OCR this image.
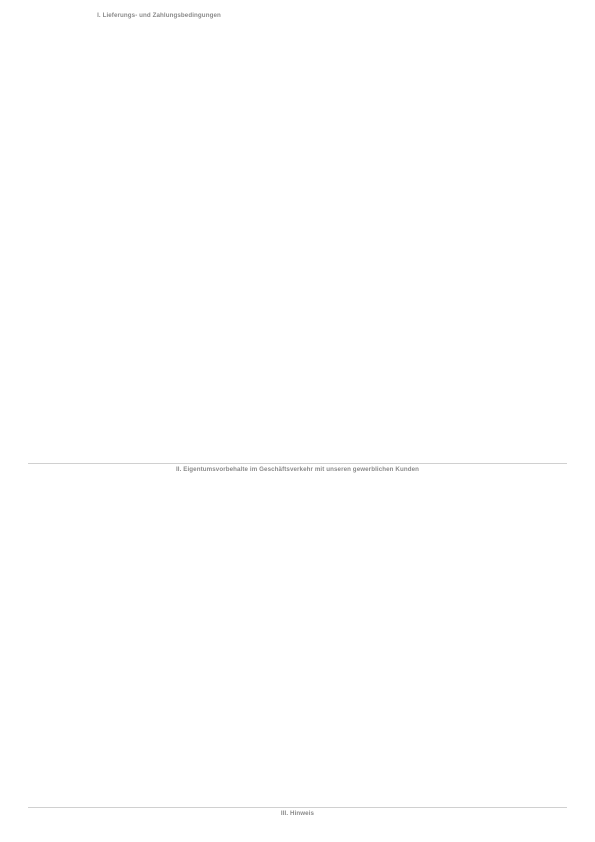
I. Lieferungs- und Zahlungsbedingungen

II. Eigentumsvorbehalte im Geschäftsverkehr mit unseren gewerblichen Kunden

III. Hinweis
